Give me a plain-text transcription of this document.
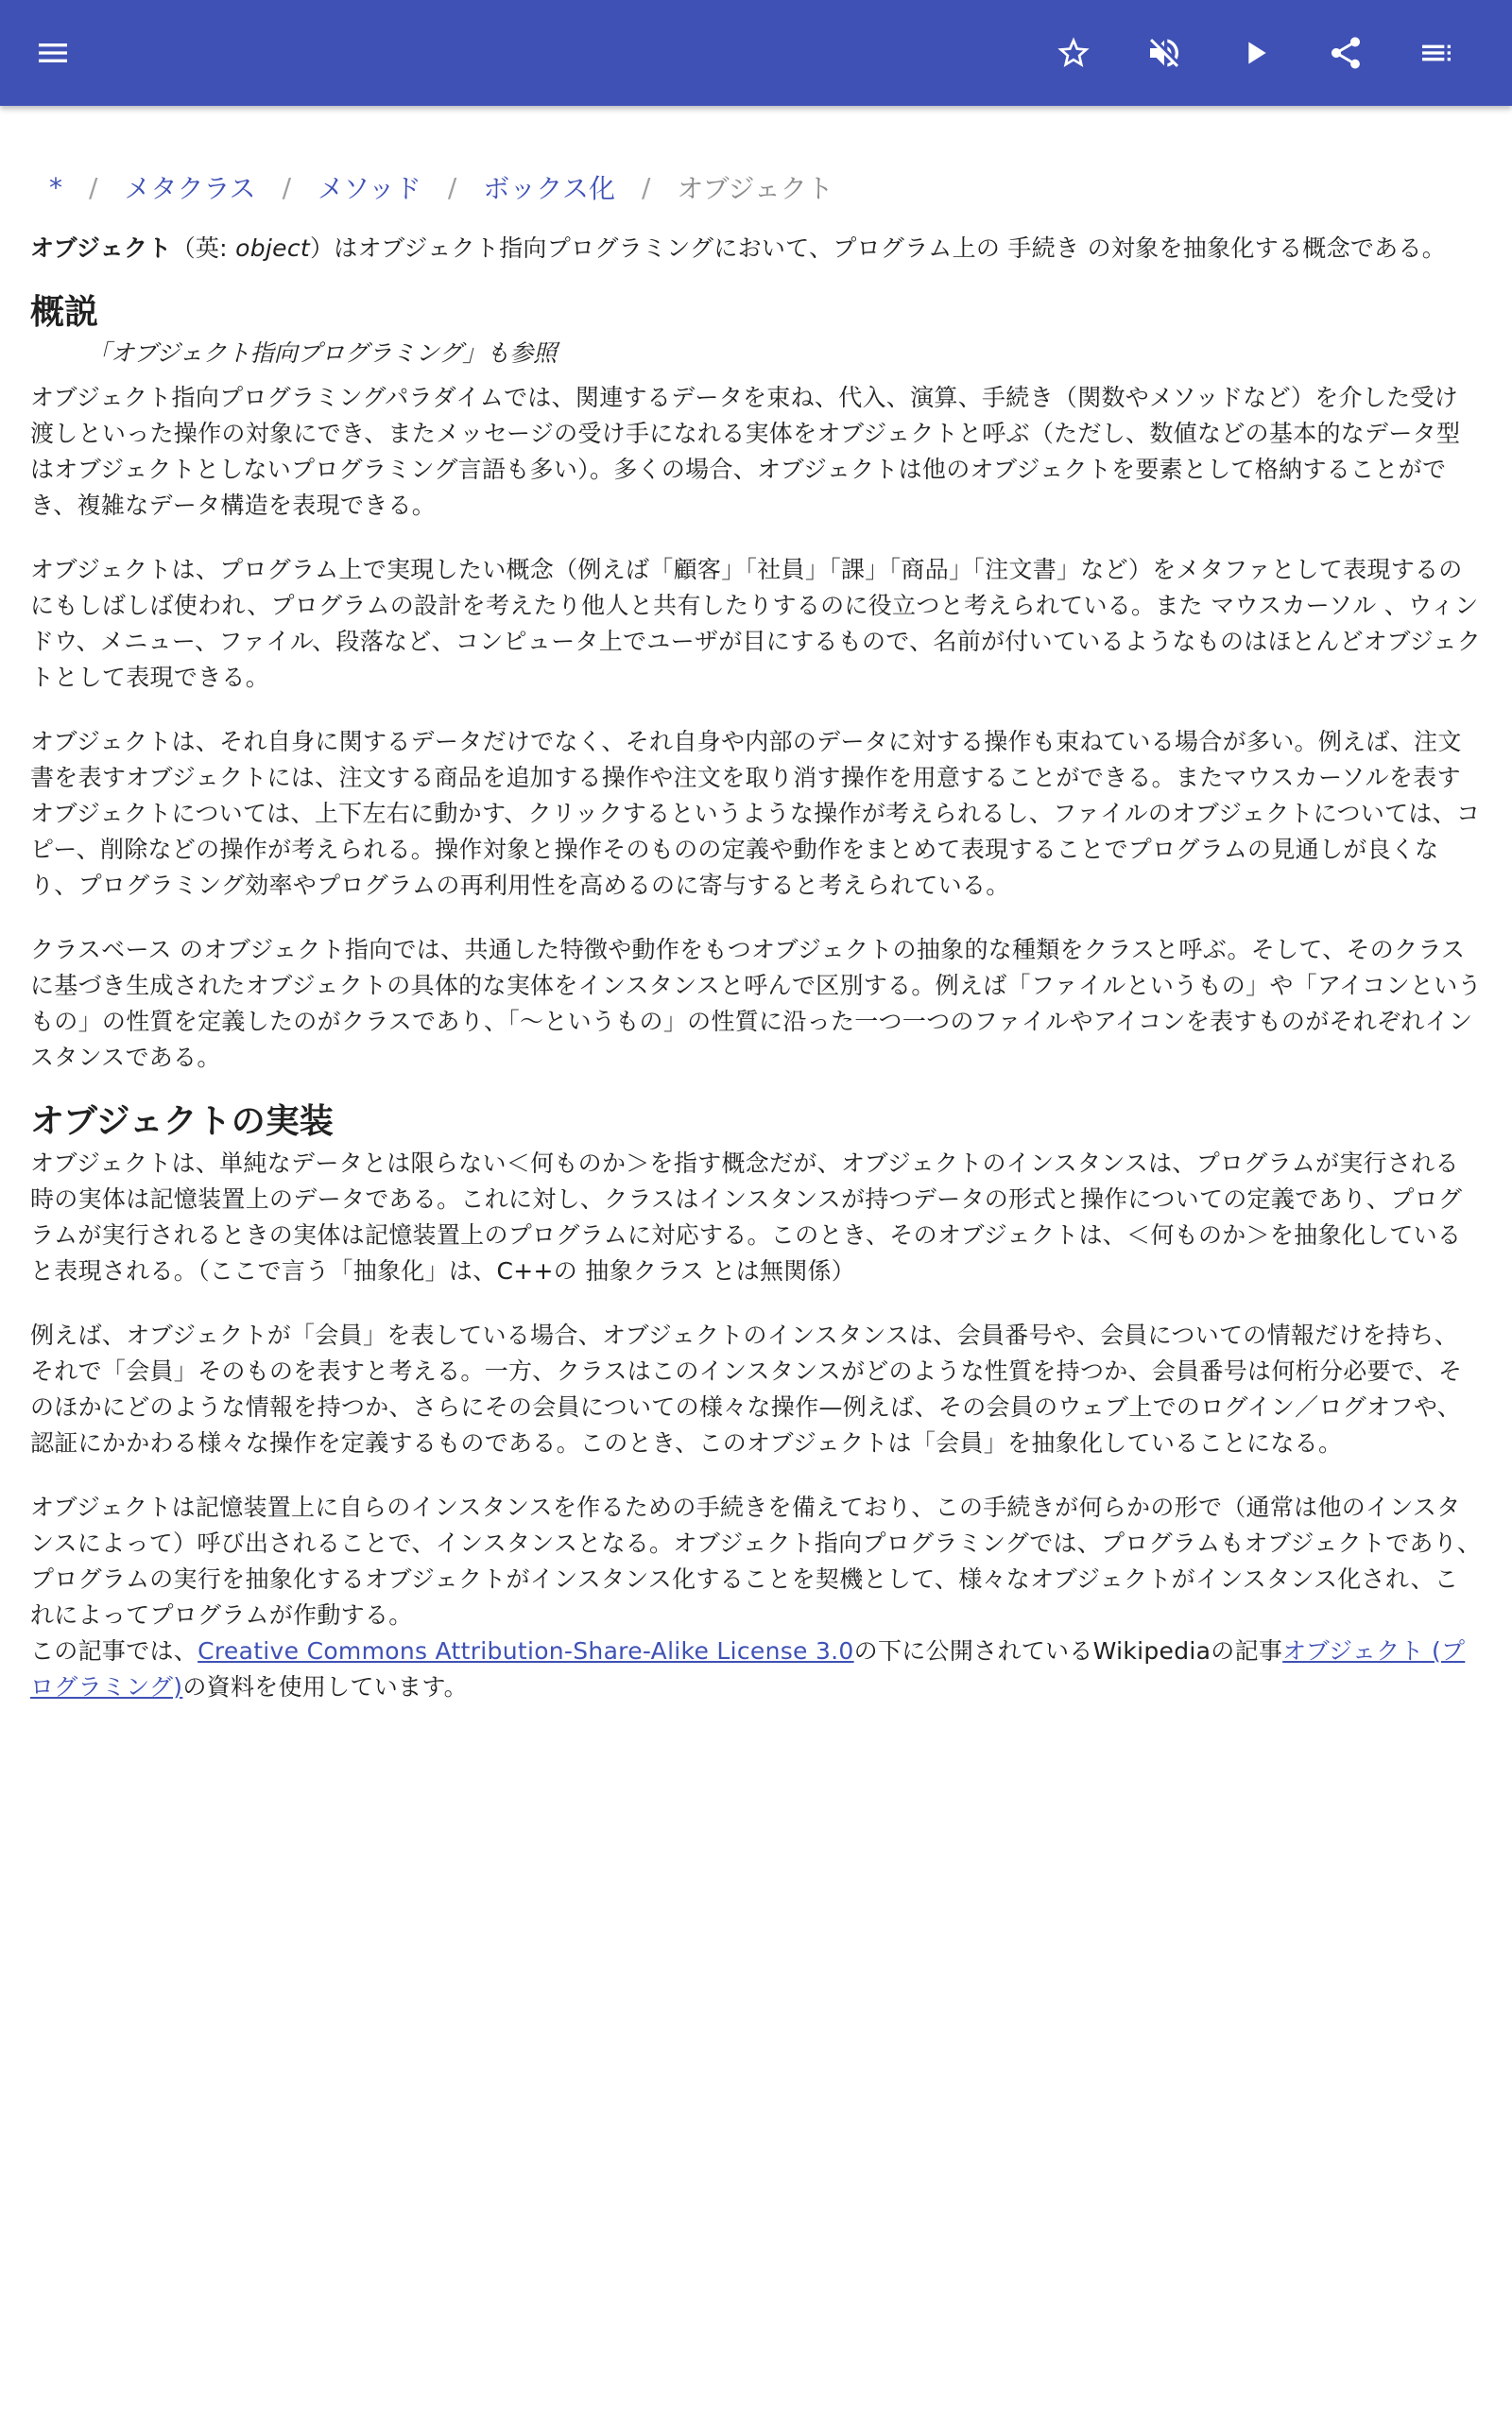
* / メタクラス / メソッド / ボックス化 / オブジェクト

オブジェクト（英: object）はオブジェクト指向プログラミングにおいて、プログラム上の 手続き の対象を抽象化する概念である。

概説
「オブジェクト指向プログラミング」も参照

オブジェクト指向プログラミングパラダイムでは、関連するデータを束ね、代入、演算、手続き（関数やメソッドなど）を介した受け渡しといった操作の対象にでき、またメッセージの受け手になれる実体をオブジェクトと呼ぶ（ただし、数値などの基本的なデータ型はオブジェクトとしないプログラミング言語も多い）。多くの場合、オブジェクトは他のオブジェクトを要素として格納することができ、複雑なデータ構造を表現できる。

オブジェクトは、プログラム上で実現したい概念（例えば「顧客」「社員」「課」「商品」「注文書」など）をメタファとして表現するのにもしばしば使われ、プログラムの設計を考えたり他人と共有したりするのに役立つと考えられている。また マウスカーソル 、ウィンドウ、メニュー、ファイル、段落など、コンピュータ上でユーザが目にするもので、名前が付いているようなものはほとんどオブジェクトとして表現できる。

オブジェクトは、それ自身に関するデータだけでなく、それ自身や内部のデータに対する操作も束ねている場合が多い。例えば、注文書を表すオブジェクトには、注文する商品を追加する操作や注文を取り消す操作を用意することができる。またマウスカーソルを表すオブジェクトについては、上下左右に動かす、クリックするというような操作が考えられるし、ファイルのオブジェクトについては、コピー、削除などの操作が考えられる。操作対象と操作そのものの定義や動作をまとめて表現することでプログラムの見通しが良くなり、プログラミング効率やプログラムの再利用性を高めるのに寄与すると考えられている。

クラスベース のオブジェクト指向では、共通した特徴や動作をもつオブジェクトの抽象的な種類をクラスと呼ぶ。そして、そのクラスに基づき生成されたオブジェクトの具体的な実体をインスタンスと呼んで区別する。例えば「ファイルというもの」や「アイコンというもの」の性質を定義したのがクラスであり、「〜というもの」の性質に沿った一つ一つのファイルやアイコンを表すものがそれぞれインスタンスである。

オブジェクトの実装

オブジェクトは、単純なデータとは限らない＜何ものか＞を指す概念だが、オブジェクトのインスタンスは、プログラムが実行される時の実体は記憶装置上のデータである。これに対し、クラスはインスタンスが持つデータの形式と操作についての定義であり、プログラムが実行されるときの実体は記憶装置上のプログラムに対応する。このとき、そのオブジェクトは、＜何ものか＞を抽象化していると表現される。（ここで言う「抽象化」は、C++の 抽象クラス とは無関係）

例えば、オブジェクトが「会員」を表している場合、オブジェクトのインスタンスは、会員番号や、会員についての情報だけを持ち、それで「会員」そのものを表すと考える。一方、クラスはこのインスタンスがどのような性質を持つか、会員番号は何桁分必要で、そのほかにどのような情報を持つか、さらにその会員についての様々な操作—例えば、その会員のウェブ上でのログイン／ログオフや、認証にかかわる様々な操作を定義するものである。このとき、このオブジェクトは「会員」を抽象化していることになる。

オブジェクトは記憶装置上に自らのインスタンスを作るための手続きを備えており、この手続きが何らかの形で（通常は他のインスタンスによって）呼び出されることで、インスタンスとなる。オブジェクト指向プログラミングでは、プログラムもオブジェクトであり、プログラムの実行を抽象化するオブジェクトがインスタンス化することを契機として、様々なオブジェクトがインスタンス化され、これによってプログラムが作動する。

この記事では、Creative Commons Attribution-Share-Alike License 3.0の下に公開されているWikipediaの記事オブジェクト (プログラミング)の資料を使用しています。
